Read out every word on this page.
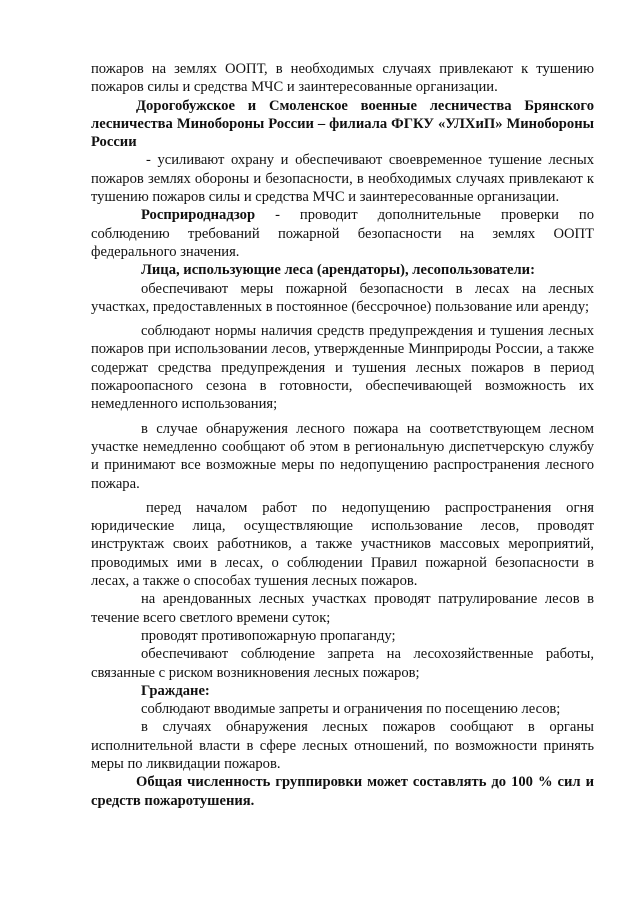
пожаров на землях ООПТ, в необходимых случаях привлекают к тушению пожаров силы и средства МЧС и заинтересованные организации.

Дорогобужское и Смоленское военные лесничества Брянского лесничества Минобороны России – филиала ФГКУ «УЛХиП» Минобороны России

- усиливают охрану и обеспечивают своевременное тушение лесных пожаров землях обороны и безопасности, в необходимых случаях привлекают к тушению пожаров силы и средства МЧС и заинтересованные организации.

Росприроднадзор - проводит дополнительные проверки по соблюдению требований пожарной безопасности на землях ООПТ федерального значения.

Лица, использующие леса (арендаторы), лесопользователи:

обеспечивают меры пожарной безопасности в лесах на лесных участках, предоставленных в постоянное (бессрочное) пользование или аренду;

соблюдают нормы наличия средств предупреждения и тушения лесных пожаров при использовании лесов, утвержденные Минприроды России, а также содержат средства предупреждения и тушения лесных пожаров в период пожароопасного сезона в готовности, обеспечивающей возможность их немедленного использования;

в случае обнаружения лесного пожара на соответствующем лесном участке немедленно сообщают об этом в региональную диспетчерскую службу и принимают все возможные меры по недопущению распространения лесного пожара.

перед началом работ по недопущению распространения огня юридические лица, осуществляющие использование лесов, проводят инструктаж своих работников, а также участников массовых мероприятий, проводимых ими в лесах, о соблюдении Правил пожарной безопасности в лесах, а также о способах тушения лесных пожаров.

на арендованных лесных участках проводят патрулирование лесов в течение всего светлого времени суток;

проводят противопожарную пропаганду;

обеспечивают соблюдение запрета на лесохозяйственные работы, связанные с риском возникновения лесных пожаров;

Граждане:

соблюдают вводимые запреты и ограничения по посещению лесов;

в случаях обнаружения лесных пожаров сообщают в органы исполнительной власти в сфере лесных отношений, по возможности принять меры по ликвидации пожаров.

Общая численность группировки может составлять до 100 % сил и средств пожаротушения.
